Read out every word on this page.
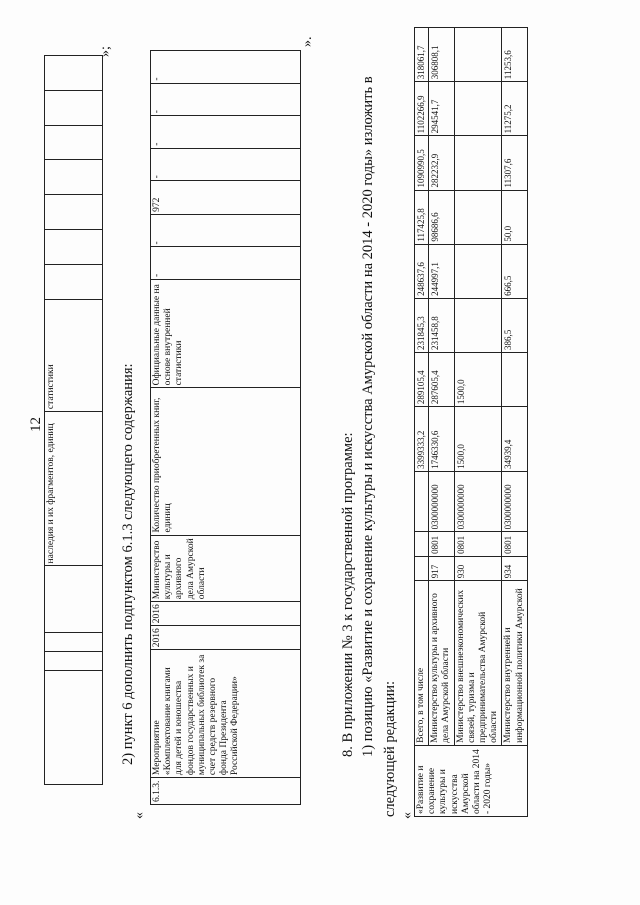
12
				наследия и их фрагментов, единиц	статистики							
»;
2) пункт 6 дополнить подпунктом 6.1.3 следующего содержания:
«
6.1.3.	Мероприятие «Комплектование книгами для детей и юношества фондов государственных и муниципальных библиотек за счет средств резервного фонда Президента Российской Федерации»	2016	2016	Министерство культуры и архивного дела Амурской области	Количество приобретенных книг, единиц	Официальные данные на основе внутренней статистики	-	-	972	-	-	-	-
».
8. В приложении № 3 к государственной программе: 1) позицию «Развитие и сохранение культуры и искусства Амурской области на 2014 - 2020 годы» изложить в следующей редакции: «
«Развитие и сохранение культуры и искусства Амурской области на 2014 - 2020 годы»	Всего, в том числе				3399333,2	289105,4	231845,3	248637,6	117425,8	1090990,5	1102266,9	318061,7
	Министерство культуры и архивного дела Амурской области	917	0801	0300000000	1746330,6	287605,4	231458,8	244997,1	98686,6	282232,9	294541,7	306808,1
	Министерство внешнеэкономических связей, туризма и предпринимательства Амурской области	930	0801	0300000000	1500,0	1500,0						
	Министерство внутренней и информационной политики Амурской	934	0801	0300000000	34939,4		386,5	666,5	50,0	11307,6	11275,2	11253,6
